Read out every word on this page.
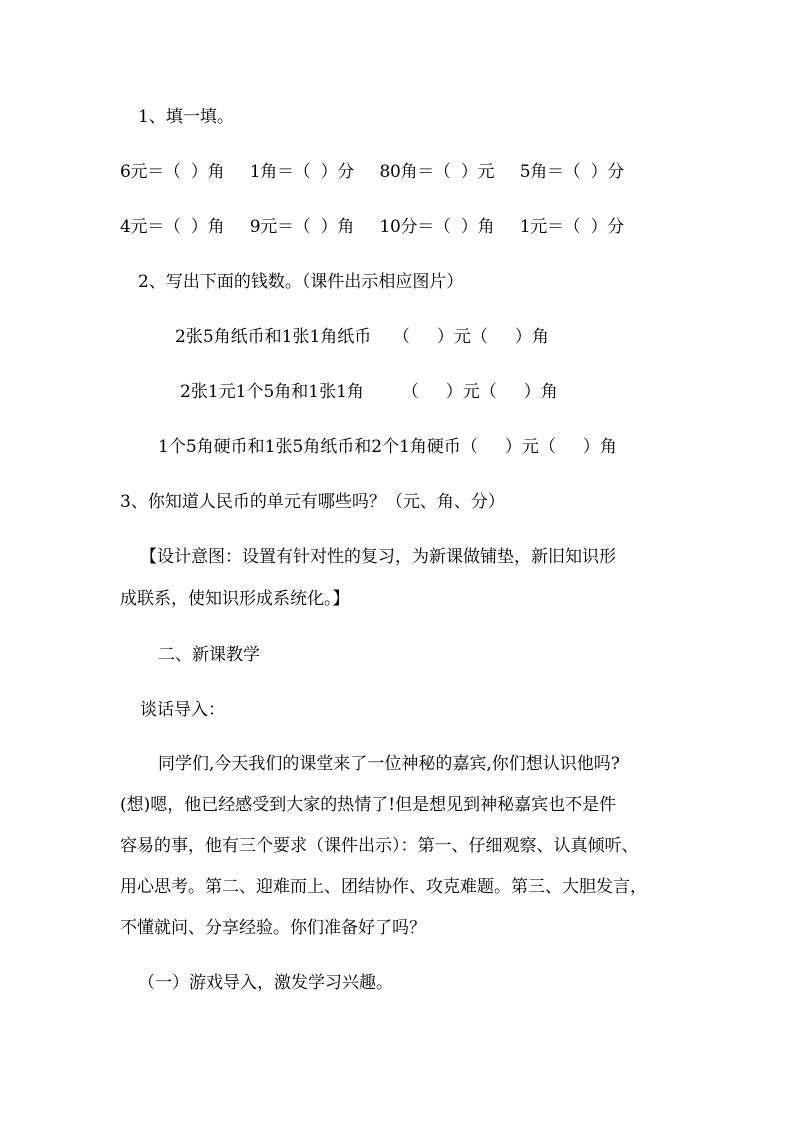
1、填一填。
6元＝（  ）角     1角＝（  ）分     80角＝（  ）元     5角＝（  ）分
4元＝（  ）角     9元＝（  ）角     10分＝（  ）角     1元＝（  ）分
2、写出下面的钱数。（课件出示相应图片）
2张5角纸币和1张1角纸币    （     ）元（     ）角
2张1元1个5角和1张1角       （     ）元（     ）角
1个5角硬币和1张5角纸币和2个1角硬币（     ）元（     ）角
3、你知道人民币的单元有哪些吗？（元、角、分）
【设计意图：设置有针对性的复习，为新课做铺垫，新旧知识形
成联系，使知识形成系统化。】
二、新课教学
谈话导入：
同学们,今天我们的课堂来了一位神秘的嘉宾,你们想认识他吗?
(想)嗯，他已经感受到大家的热情了!但是想见到神秘嘉宾也不是件
容易的事，他有三个要求（课件出示）：第一、仔细观察、认真倾听、
用心思考。第二、迎难而上、团结协作、攻克难题。第三、大胆发言，
不懂就问、分享经验。你们准备好了吗？
（一）游戏导入，激发学习兴趣。
